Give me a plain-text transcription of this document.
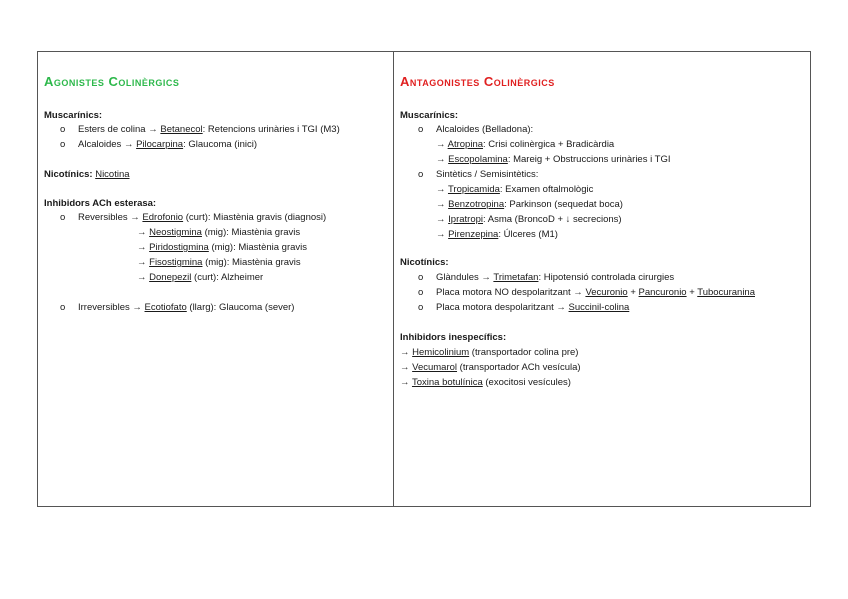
Agonistes Colinèrgics
Muscarínics:
o Esters de colina → Betanecol: Retencions urinàries i TGI (M3)
o Alcaloides → Pilocarpina: Glaucoma (inici)
Nicotínics: Nicotina
Inhibidors ACh esterasa:
o Reversibles → Edrofonio (curt): Miastènia gravis (diagnosi)
→ Neostigmina (mig): Miastènia gravis
→ Piridostigmina (mig): Miastènia gravis
→ Fisostigmina (mig): Miastènia gravis
→ Donepezil (curt): Alzheimer
o Irreversibles → Ecotiofato (llarg): Glaucoma (sever)
Antagonistes Colinèrgics
Muscarínics:
o Alcaloides (Belladona):
→ Atropina: Crisi colinèrgica + Bradicàrdia
→ Escopolamina: Mareig + Obstruccions urinàries i TGI
o Sintètics / Semisintètics:
→ Tropicamida: Examen oftalmològic
→ Benzotropina: Parkinson (sequedat boca)
→ Ipratropi: Asma (BroncoD + ↓ secrecions)
→ Pirenzepina: Úlceres (M1)
Nicotínics:
o Glàndules → Trimetafan: Hipotensió controlada cirurgies
o Placa motora NO despolaritzant → Vecuronio + Pancuronio + Tubocuranina
o Placa motora despolaritzant → Succinil-colina
Inhibidors inespecífics:
→ Hemicolinium (transportador colina pre)
→ Vecumarol (transportador ACh vesícula)
→ Toxina botulínica (exocitosi vesícules)
